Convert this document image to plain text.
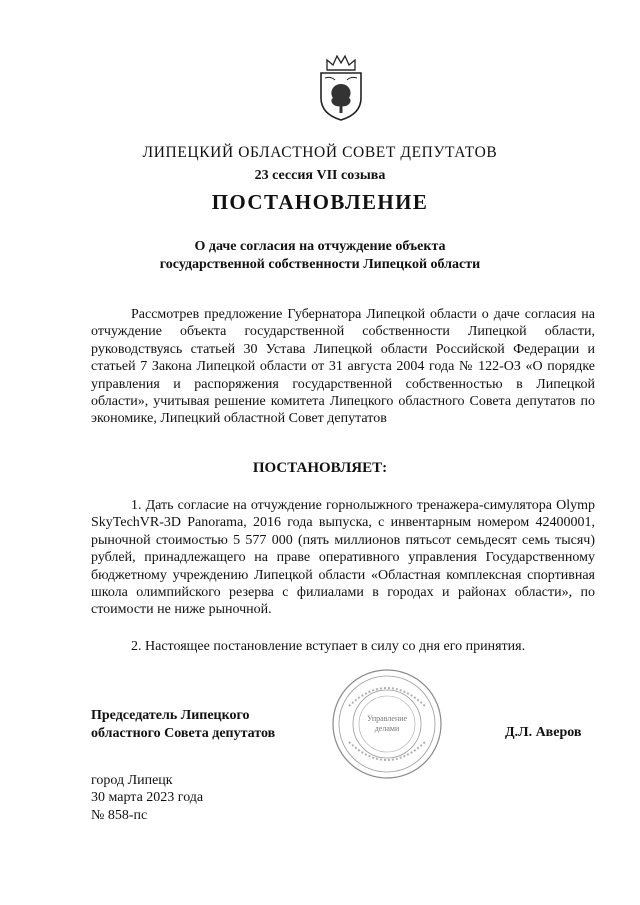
ЛИПЕЦКИЙ ОБЛАСТНОЙ СОВЕТ ДЕПУТАТОВ
23 сессия VII созыва
ПОСТАНОВЛЕНИЕ
О даче согласия на отчуждение объекта
государственной собственности Липецкой области

Рассмотрев предложение Губернатора Липецкой области о даче согласия на отчуждение объекта государственной собственности Липецкой области, руководствуясь статьей 30 Устава Липецкой области Российской Федерации и статьей 7 Закона Липецкой области от 31 августа 2004 года № 122-ОЗ «О порядке управления и распоряжения государственной собственностью в Липецкой области», учитывая решение комитета Липецкого областного Совета депутатов по экономике, Липецкий областной Совет депутатов

ПОСТАНОВЛЯЕТ:

1. Дать согласие на отчуждение горнолыжного тренажера-симулятора Olymp SkyTechVR-3D Panorama, 2016 года выпуска, с инвентарным номером 42400001, рыночной стоимостью 5 577 000 (пять миллионов пятьсот семьдесят семь тысяч) рублей, принадлежащего на праве оперативного управления Государственному бюджетному учреждению Липецкой области «Областная комплексная спортивная школа олимпийского резерва с филиалами в городах и районах области», по стоимости не ниже рыночной.

2. Настоящее постановление вступает в силу со дня его принятия.

Управление
делами
Председатель Липецкого
областного Совета депутатов	Д.Л. Аверов
город Липецк
30 марта 2023 года
№ 858-пс
